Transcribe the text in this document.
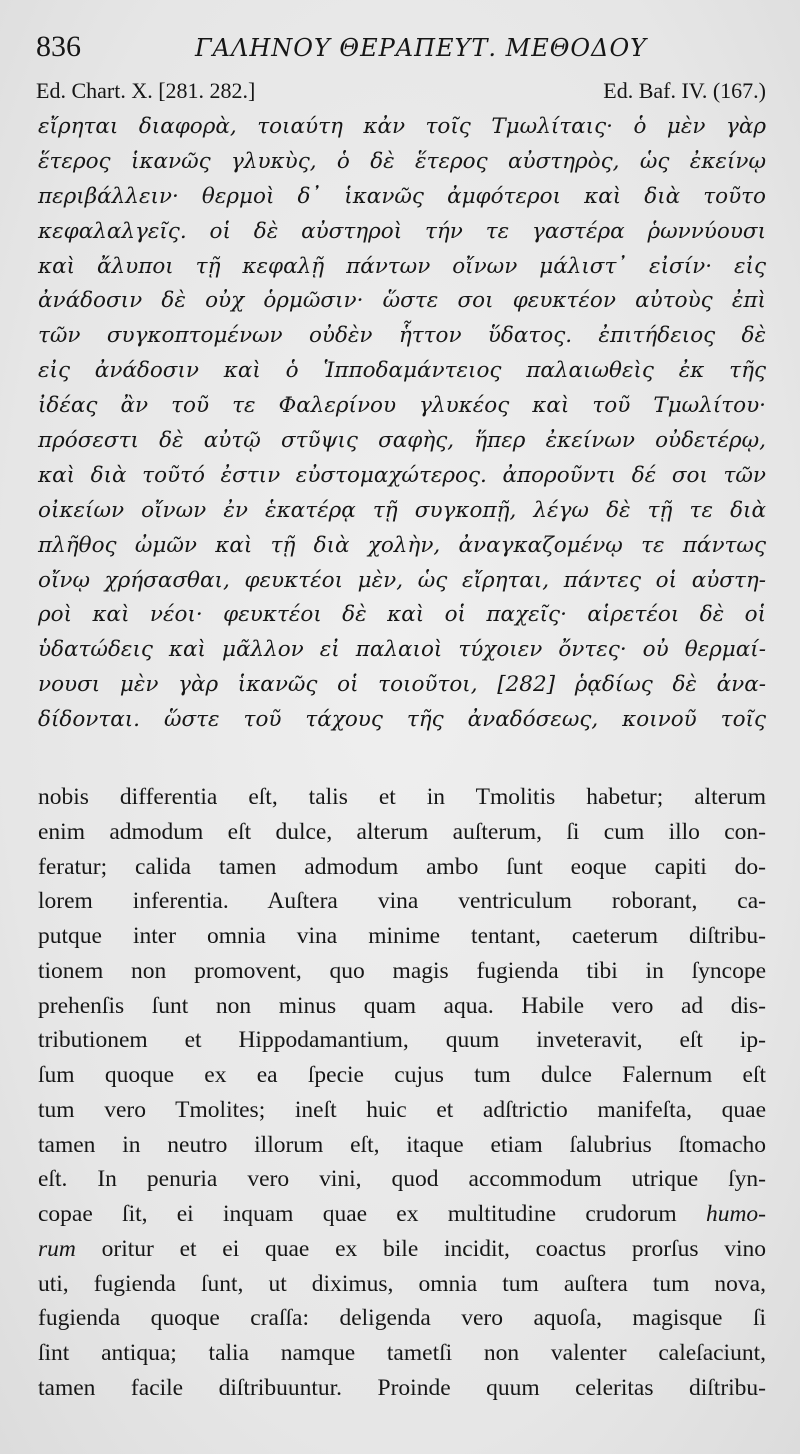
836	ΓΑΛΗΝΟΥ ΘΕΡΑΠΕΥΤ. ΜΕΘΟΔΟΥ
Ed. Chart. X. [281. 282.]	Ed. Baf. IV. (167.)
εἴρηται διαφορὰ, τοιαύτη κἀν τοῖς Τμωλίταις· ὁ μὲν γὰρ
ἕτερος ἱκανῶς γλυκὺς, ὁ δὲ ἕτερος αὐστηρὸς, ὡς ἐκείνῳ
περιβάλλειν· θερμοὶ δ᾽ ἱκανῶς ἀμφότεροι καὶ διὰ τοῦτο
κεφαλαλγεῖς. οἱ δὲ αὐστηροὶ τήν τε γαστέρα ῥωννύουσι
καὶ ἄλυποι τῇ κεφαλῇ πάντων οἴνων μάλιστ᾽ εἰσίν· εἰς
ἀνάδοσιν δὲ οὐχ ὁρμῶσιν· ὥστε σοι φευκτέον αὐτοὺς ἐπὶ
τῶν συγκοπτομένων οὐδὲν ἧττον ὕδατος. ἐπιτήδειος δὲ
εἰς ἀνάδοσιν καὶ ὁ Ἱπποδαμάντειος παλαιωθεὶς ἐκ τῆς
ἰδέας ἂν τοῦ τε Φαλερίνου γλυκέος καὶ τοῦ Τμωλίτου·
πρόσεστι δὲ αὐτῷ στῦψις σαφὴς, ἥπερ ἐκείνων οὐδετέρῳ,
καὶ διὰ τοῦτό ἐστιν εὐστομαχώτερος. ἀποροῦντι δέ σοι τῶν
οἰκείων οἴνων ἐν ἑκατέρᾳ τῇ συγκοπῇ, λέγω δὲ τῇ τε διὰ
πλῆθος ὠμῶν καὶ τῇ διὰ χολὴν, ἀναγκαζομένῳ τε πάντως
οἴνῳ χρήσασθαι, φευκτέοι μὲν, ὡς εἴρηται, πάντες οἱ αὐστη-
ροὶ καὶ νέοι· φευκτέοι δὲ καὶ οἱ παχεῖς· αἱρετέοι δὲ οἱ
ὑδατώδεις καὶ μᾶλλον εἰ παλαιοὶ τύχοιεν ὄντες· οὐ θερμαί-
νουσι μὲν γὰρ ἱκανῶς οἱ τοιοῦτοι, [282] ῥᾳδίως δὲ ἀνα-
δίδονται. ὥστε τοῦ τάχους τῆς ἀναδόσεως, κοινοῦ τοῖς
nobis differentia eſt, talis et in Tmolitis habetur; alterum
enim admodum eſt dulce, alterum auſterum, ſi cum illo con-
feratur; calida tamen admodum ambo ſunt eoque capiti do-
lorem inferentia. Auſtera vina ventriculum roborant, ca-
putque inter omnia vina minime tentant, caeterum diſtribu-
tionem non promovent, quo magis fugienda tibi in ſyncope
prehenſis ſunt non minus quam aqua. Habile vero ad dis-
tributionem et Hippodamantium, quum inveteravit, eſt ip-
ſum quoque ex ea ſpecie cujus tum dulce Falernum eſt
tum vero Tmolites; ineſt huic et adſtrictio manifeſta, quae
tamen in neutro illorum eſt, itaque etiam ſalubrius ſtomacho
eſt. In penuria vero vini, quod accommodum utrique ſyn-
copae ſit, ei inquam quae ex multitudine crudorum humo-
rum oritur et ei quae ex bile incidit, coactus prorſus vino
uti, fugienda ſunt, ut diximus, omnia tum auſtera tum nova,
fugienda quoque craſſa: deligenda vero aquoſa, magisque ſi
ſint antiqua; talia namque tametſi non valenter caleſaciunt,
tamen facile diſtribuuntur. Proinde quum celeritas diſtribu-
